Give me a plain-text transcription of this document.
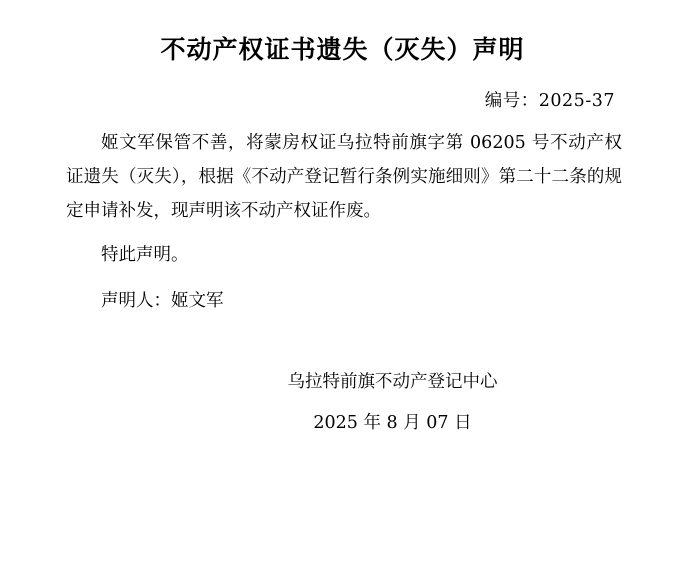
不动产权证书遗失（灭失）声明
编号：2025-37
姬文军保管不善，将蒙房权证乌拉特前旗字第 06205 号不动产权证遗失（灭失），根据《不动产登记暂行条例实施细则》第二十二条的规定申请补发，现声明该不动产权证作废。
特此声明。
声明人：姬文军
乌拉特前旗不动产登记中心
2025 年 8 月 07 日
